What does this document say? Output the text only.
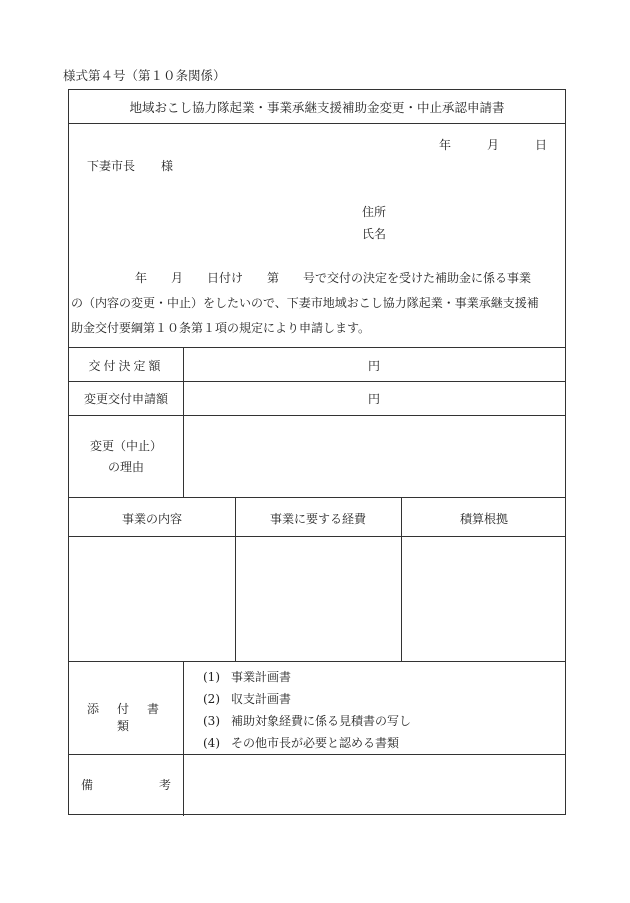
様式第４号（第１０条関係）
地域おこし協力隊起業・事業承継支援補助金変更・中止承認申請書
年	月	日
下妻市長 様
住所
氏名

年　　月　　日付け　　第　　号で交付の決定を受けた補助金に係る事業

の（内容の変更・中止）をしたいので、下妻市地域おこし協力隊起業・事業承継支援補

助金交付要綱第１０条第１項の規定により申請します。

交付決定額	円
変更交付申請額	円
変更（中止）
の理由
事業の内容	事業に要する経費	積算根拠
添付書類
(1) 事業計画書
(2) 収支計画書
(3) 補助対象経費に係る見積書の写し
(4) その他市長が必要と認める書類
備	考
